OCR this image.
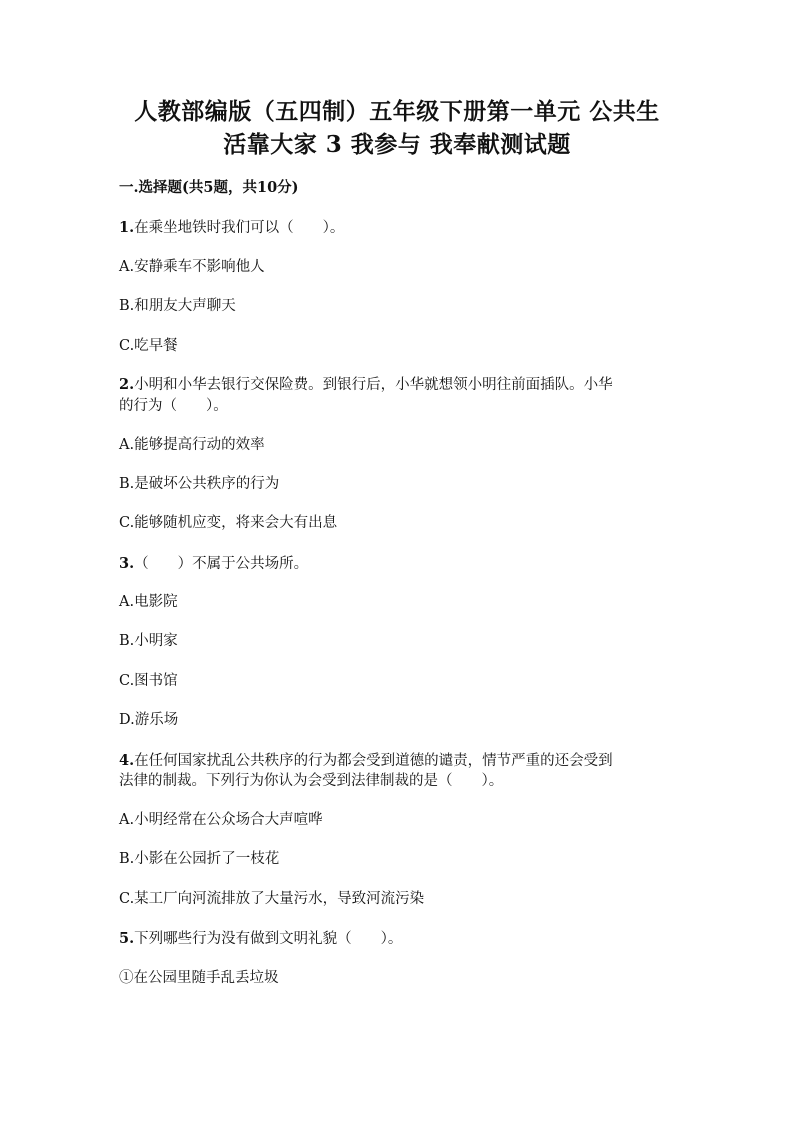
人教部编版（五四制）五年级下册第一单元 公共生
活靠大家 3 我参与 我奉献测试题
一.选择题(共5题，共10分)
1.在乘坐地铁时我们可以（　　）。
A.安静乘车不影响他人
B.和朋友大声聊天
C.吃早餐
2.小明和小华去银行交保险费。到银行后，小华就想领小明往前面插队。小华
的行为（　　）。
A.能够提高行动的效率
B.是破坏公共秩序的行为
C.能够随机应变，将来会大有出息
3.（　　）不属于公共场所。
A.电影院
B.小明家
C.图书馆
D.游乐场
4.在任何国家扰乱公共秩序的行为都会受到道德的谴责，情节严重的还会受到
法律的制裁。下列行为你认为会受到法律制裁的是（　　）。
A.小明经常在公众场合大声喧哗
B.小影在公园折了一枝花
C.某工厂向河流排放了大量污水，导致河流污染
5.下列哪些行为没有做到文明礼貌（　　）。
①在公园里随手乱丢垃圾
